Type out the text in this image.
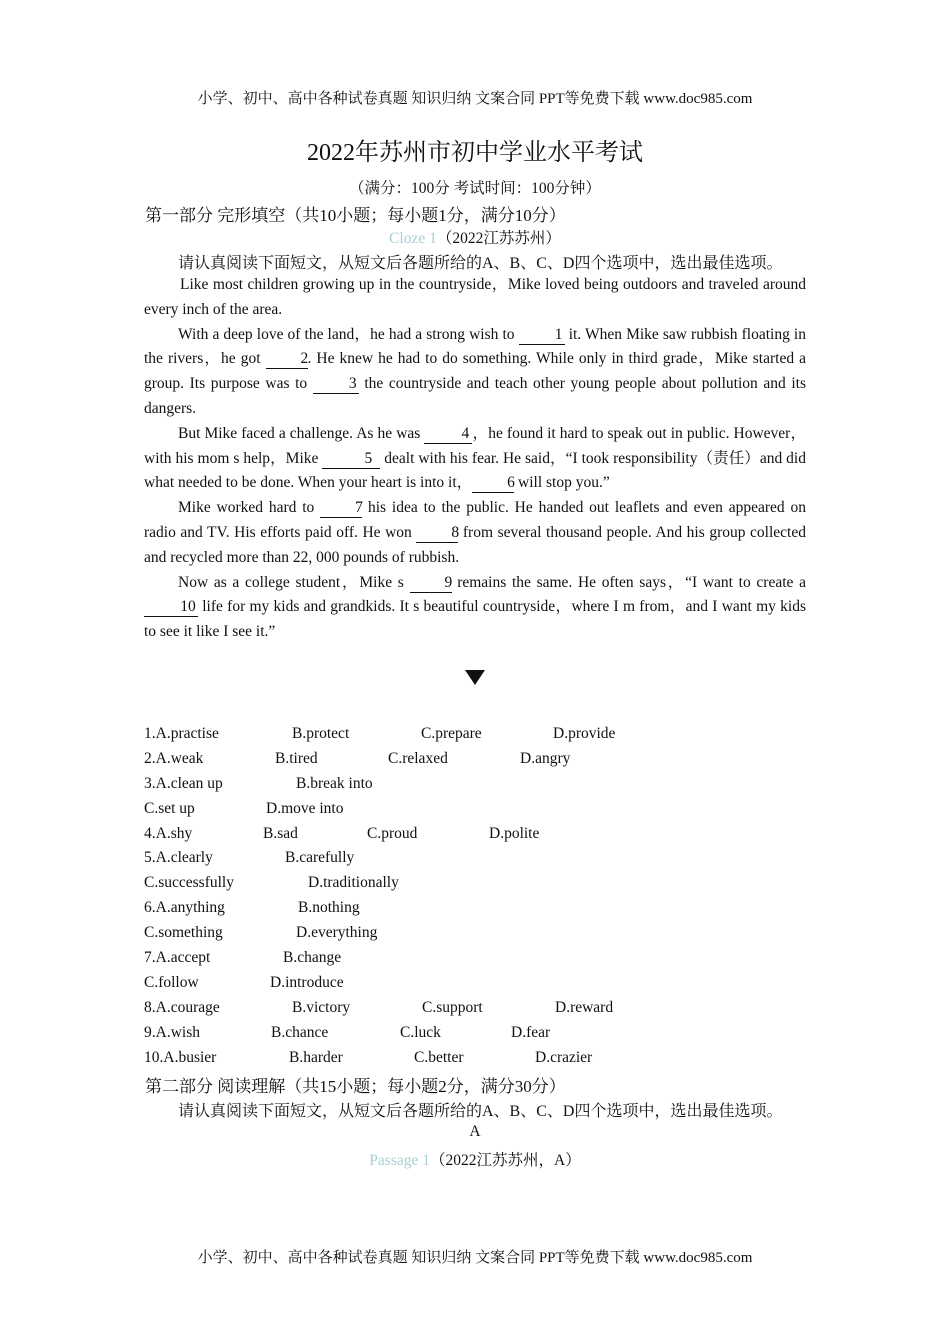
小学、初中、高中各种试卷真题 知识归纳 文案合同 PPT等免费下载 www.doc985.com
2022年苏州市初中学业水平考试
（满分：100分 考试时间：100分钟）
第一部分 完形填空（共10小题；每小题1分，满分10分）
Cloze 1（2022江苏苏州）
请认真阅读下面短文，从短文后各题所给的A、B、C、D四个选项中，选出最佳选项。

Like most children growing up in the countryside，Mike loved being outdoors and traveled around every inch of the area.

With a deep love of the land，he had a strong wish to 1 it. When Mike saw rubbish floating in the rivers，he got 2. He knew he had to do something. While only in third grade，Mike started a group. Its purpose was to 3 the countryside and teach other young people about pollution and its dangers.

But Mike faced a challenge. As he was 4 ，he found it hard to speak out in public. However，with his mom s help，Mike	5 dealt with his fear. He said，“I took responsibility（责任）and did what needed to be done. When your heart is into it， 6 will stop you.”

Mike worked hard to 7 his idea to the public. He handed out leaflets and even appeared on radio and TV. His efforts paid off. He won 8 from several thousand people. And his group collected and recycled more than 22, 000 pounds of rubbish.

Now as a college student，Mike s 9 remains the same. He often says，“I want to create a 10 life for my kids and grandkids. It s beautiful countryside，where I m from，and I want my kids to see it like I see it.”

1.A.practise	B.protect	C.prepare	D.provide
2.A.weak	B.tired	C.relaxed	D.angry
3.A.clean up	B.break into
C.set up	D.move into
4.A.shy	B.sad	C.proud	D.polite
5.A.clearly	B.carefully
C.successfully	D.traditionally
6.A.anything	B.nothing
C.something	D.everything
7.A.accept	B.change
C.follow	D.introduce
8.A.courage	B.victory	C.support	D.reward
9.A.wish	B.chance	C.luck	D.fear
10.A.busier	B.harder	C.better	D.crazier
第二部分 阅读理解（共15小题；每小题2分，满分30分）
请认真阅读下面短文，从短文后各题所给的A、B、C、D四个选项中，选出最佳选项。
A
Passage 1（2022江苏苏州，A）
小学、初中、高中各种试卷真题 知识归纳 文案合同 PPT等免费下载 www.doc985.com
